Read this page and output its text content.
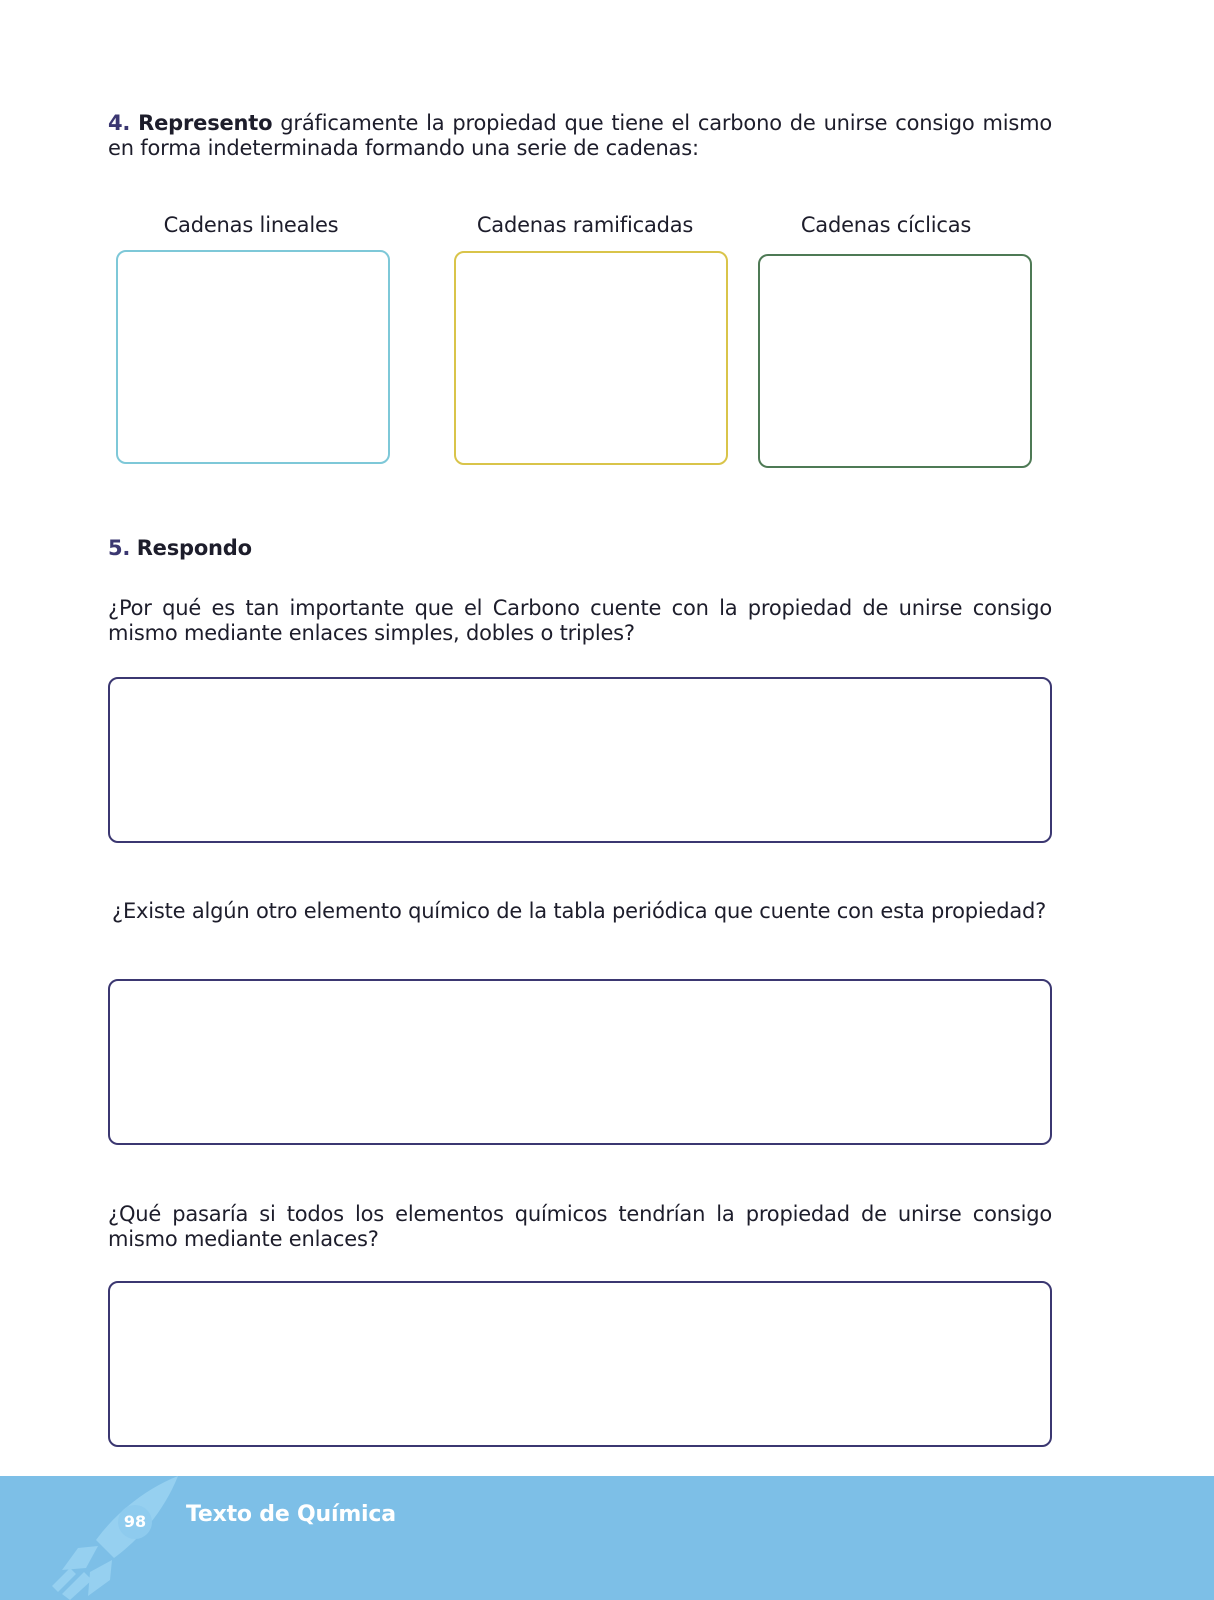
4. Represento gráficamente la propiedad que tiene el carbono de unirse consigo mismo en forma indeterminada formando una serie de cadenas:
Cadenas lineales	Cadenas ramificadas	Cadenas cíclicas
5. Respondo
¿Por qué es tan importante que el Carbono cuente con la propiedad de unirse consigo mismo mediante enlaces simples, dobles o triples?
¿Existe algún otro elemento químico de la tabla periódica que cuente con esta propiedad?
¿Qué pasaría si todos los elementos químicos tendrían la propiedad de unirse consigo mismo mediante enlaces?
98 Texto de Química
